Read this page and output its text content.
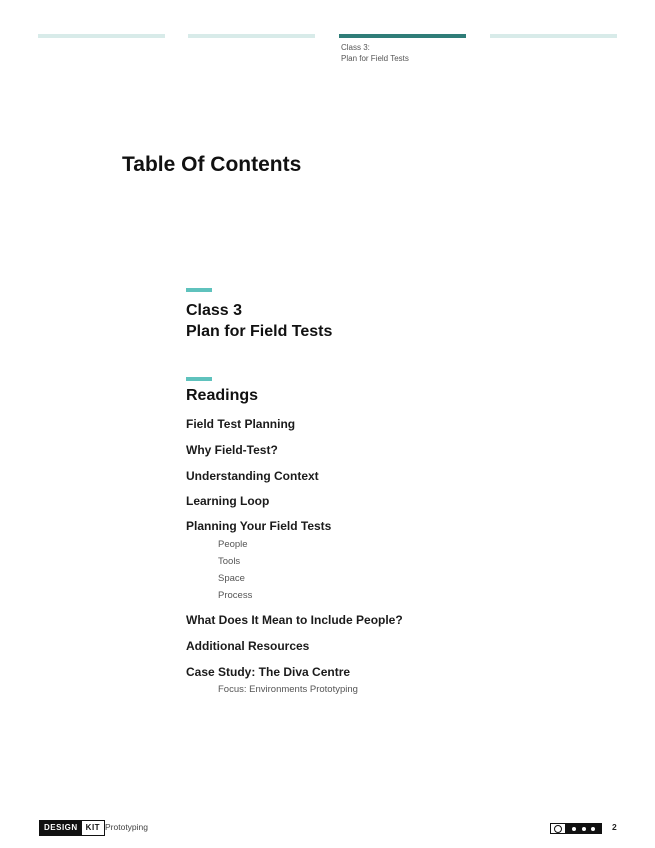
Class 3:
Plan for Field Tests
Table Of Contents
Class 3
Plan for Field Tests
Readings
Field Test Planning
Why Field-Test?
Understanding Context
Learning Loop
Planning Your Field Tests
People
Tools
Space
Process
What Does It Mean to Include People?
Additional Resources
Case Study: The Diva Centre
Focus: Environments Prototyping
DESIGN	KIT Prototyping	2
